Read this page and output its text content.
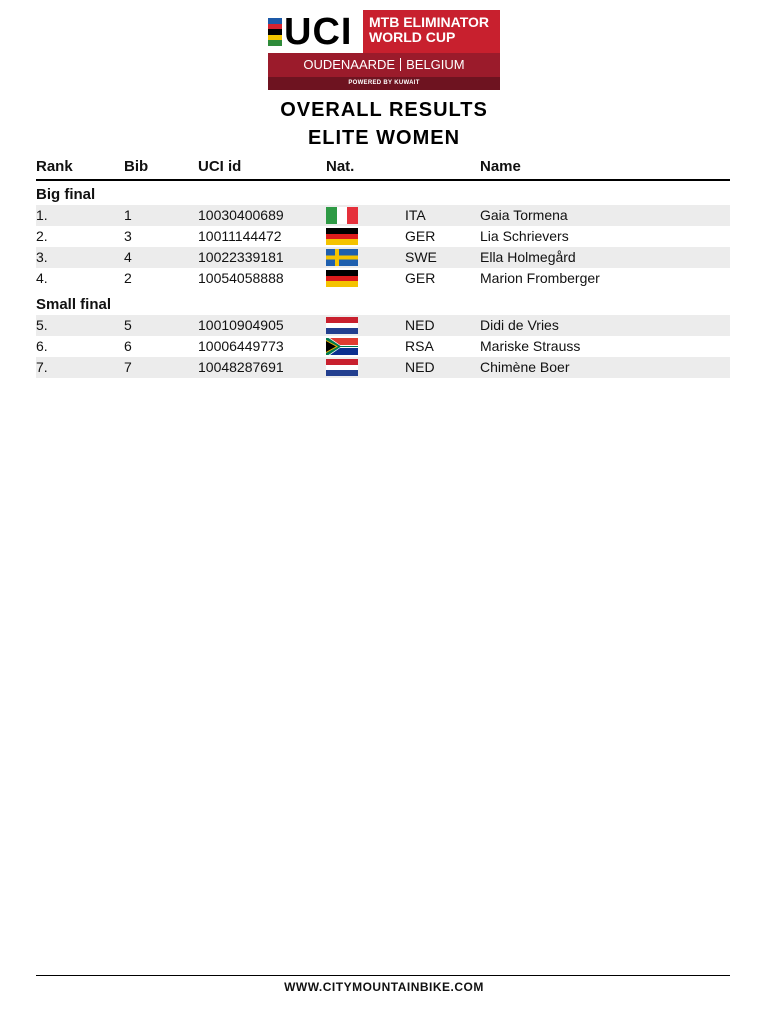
UCI MTB ELIMINATOR
WORLD CUP
OUDENAARDE BELGIUM
POWERED BY KUWAIT
OVERALL RESULTS
ELITE WOMEN
Rank	Bib	UCI id	Nat.	Name
Big final
1.	1	10030400689	ITA	Gaia Tormena
2.	3	10011144472	GER	Lia Schrievers
3.	4	10022339181	SWE	Ella Holmegård
4.	2	10054058888	GER	Marion Fromberger
Small final
5.	5	10010904905	NED	Didi de Vries
6.	6	10006449773	RSA	Mariske Strauss
7.	7	10048287691	NED	Chimène Boer
WWW.CITYMOUNTAINBIKE.COM
